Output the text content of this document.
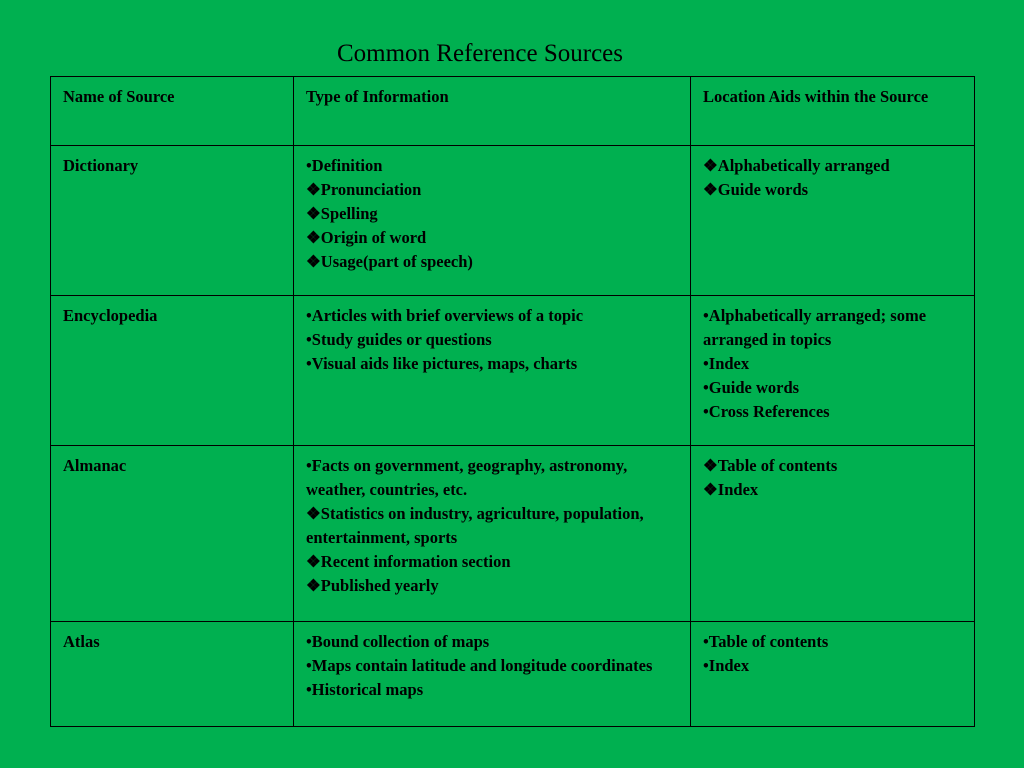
Common Reference Sources
Name of Source	Type of Information	Location Aids within the Source
Dictionary	•Definition
❖Pronunciation
❖Spelling
❖Origin of word
❖Usage(part of speech)	❖Alphabetically arranged
❖Guide words

Encyclopedia	•Articles with brief overviews of a topic
•Study guides or questions
•Visual aids like pictures, maps, charts	•Alphabetically arranged; some arranged in topics
•Index
•Guide words
•Cross References

Almanac	•Facts on government, geography, astronomy, weather, countries, etc.
❖Statistics on industry, agriculture, population, entertainment, sports
❖Recent information section
❖Published yearly	❖Table of contents
❖Index

Atlas	•Bound collection of maps
•Maps contain latitude and longitude coordinates
•Historical maps	•Table of contents
•Index
